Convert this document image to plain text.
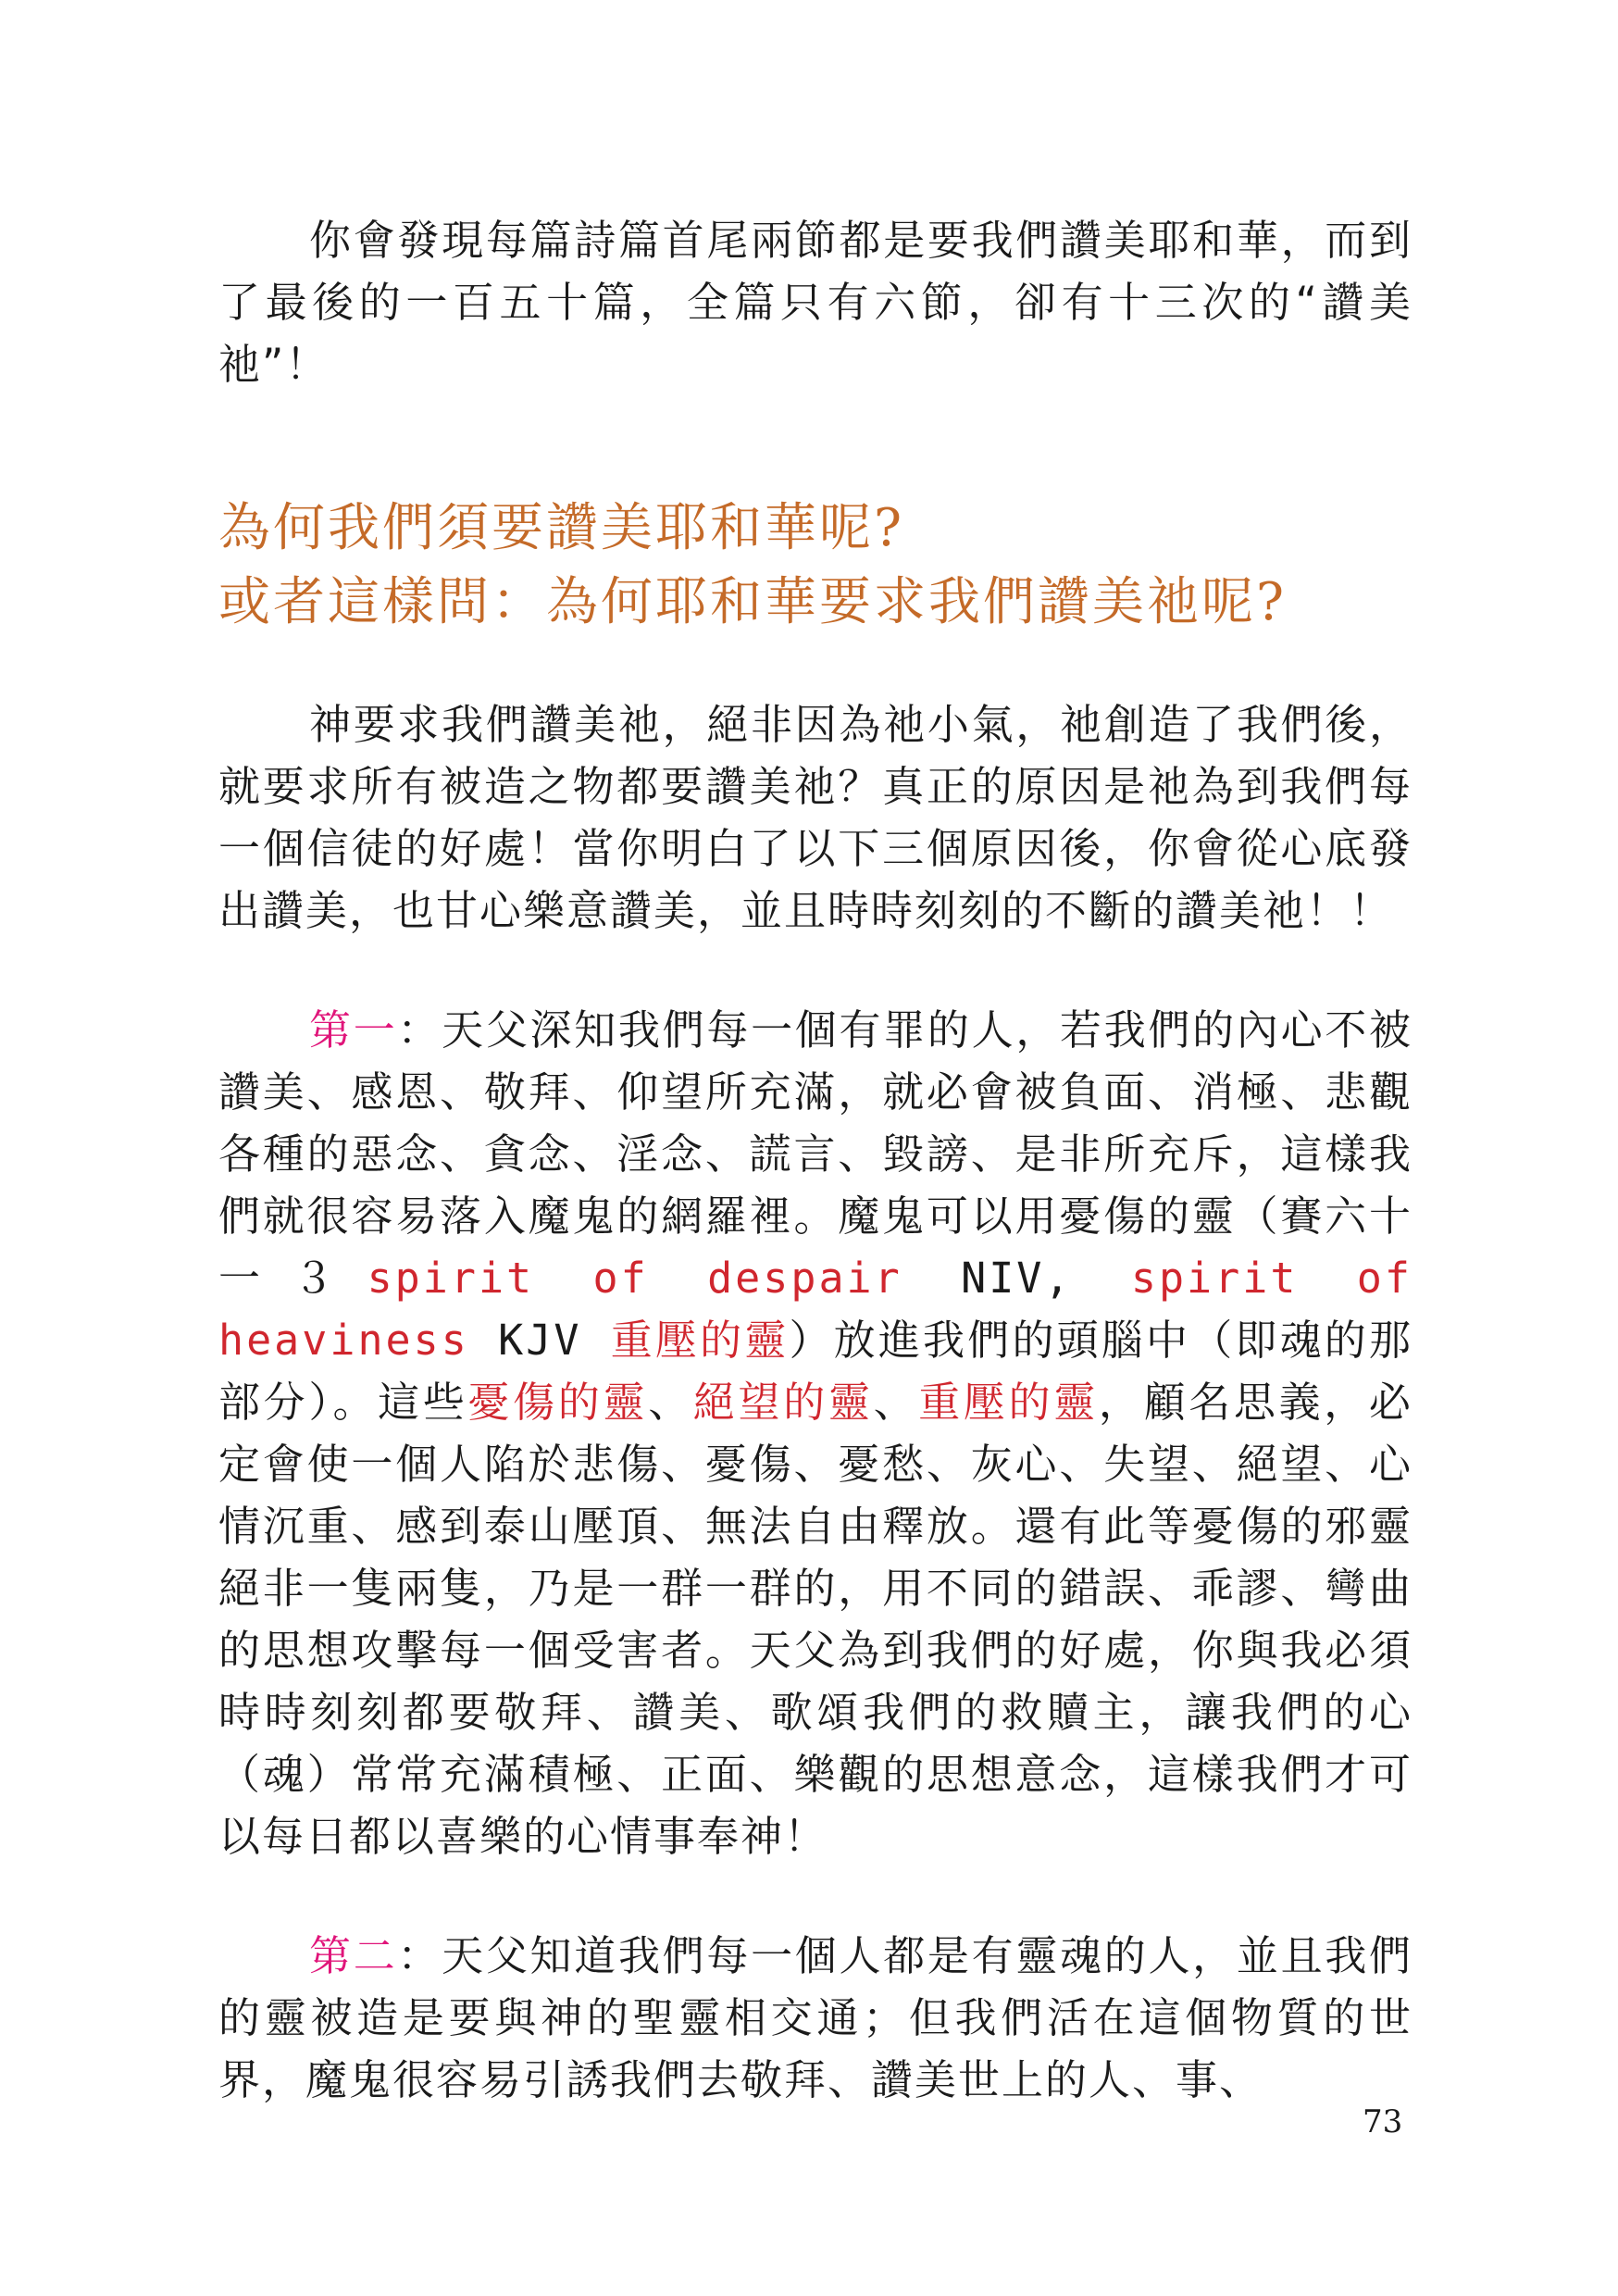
你會發現每篇詩篇首尾兩節都是要我們讚美耶和華，而到了最後的一百五十篇，全篇只有六節，卻有十三次的“讚美祂”！

為何我們須要讚美耶和華呢?
或者這樣問：為何耶和華要求我們讚美祂呢?

神要求我們讚美祂，絕非因為祂小氣，祂創造了我們後，就要求所有被造之物都要讚美祂？真正的原因是祂為到我們每一個信徒的好處！當你明白了以下三個原因後，你會從心底發出讚美，也甘心樂意讚美，並且時時刻刻的不斷的讚美祂！！

第一：天父深知我們每一個有罪的人，若我們的內心不被讚美、感恩、敬拜、仰望所充滿，就必會被負面、消極、悲觀各種的惡念、貪念、淫念、謊言、毀謗、是非所充斥，這樣我們就很容易落入魔鬼的網羅裡。魔鬼可以用憂傷的靈（賽六十一３spirit of despair NIV, spirit of heaviness KJV 重壓的靈）放進我們的頭腦中（即魂的那部分）。這些憂傷的靈、絕望的靈、重壓的靈，顧名思義，必定會使一個人陷於悲傷、憂傷、憂愁、灰心、失望、絕望、心情沉重、感到泰山壓頂、無法自由釋放。還有此等憂傷的邪靈絕非一隻兩隻，乃是一群一群的，用不同的錯誤、乖謬、彎曲的思想攻擊每一個受害者。天父為到我們的好處，你與我必須時時刻刻都要敬拜、讚美、歌頌我們的救贖主，讓我們的心（魂）常常充滿積極、正面、樂觀的思想意念，這樣我們才可以每日都以喜樂的心情事奉神！

第二：天父知道我們每一個人都是有靈魂的人，並且我們的靈被造是要與神的聖靈相交通；但我們活在這個物質的世界，魔鬼很容易引誘我們去敬拜、讚美世上的人、事、

73
